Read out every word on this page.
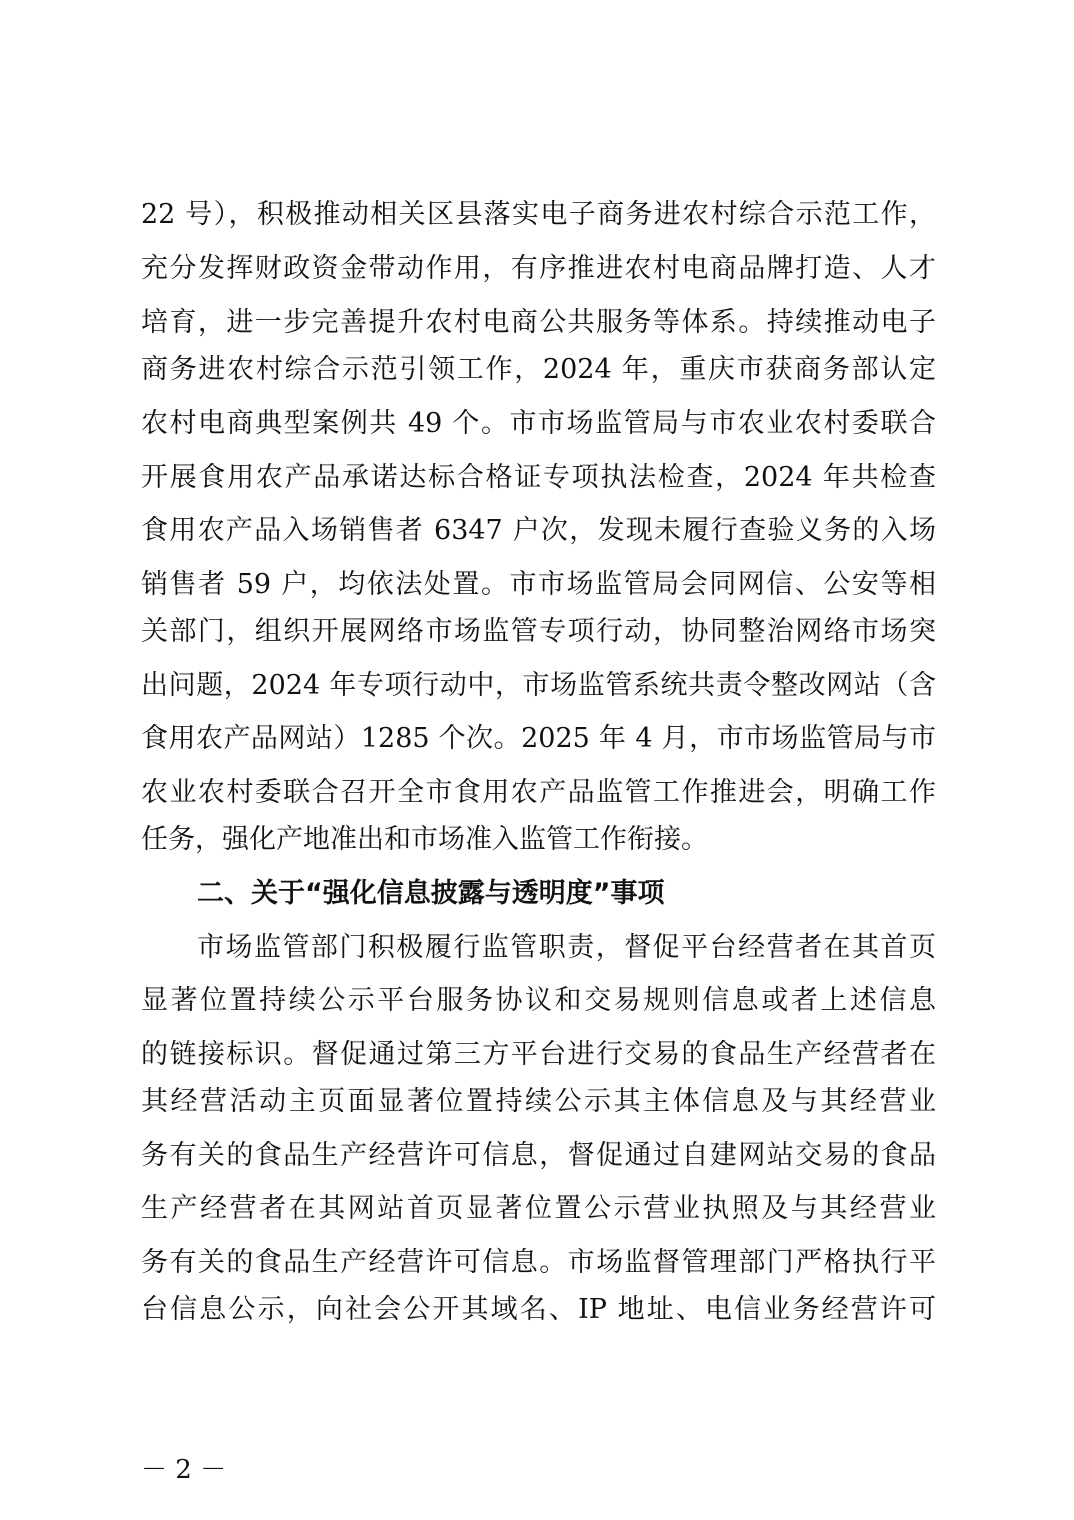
22 号），积极推动相关区县落实电子商务进农村综合示范工作，
充分发挥财政资金带动作用，有序推进农村电商品牌打造、人才
培育，进一步完善提升农村电商公共服务等体系。持续推动电子
商务进农村综合示范引领工作，2024 年，重庆市获商务部认定
农村电商典型案例共 49 个。市市场监管局与市农业农村委联合
开展食用农产品承诺达标合格证专项执法检查，2024 年共检查
食用农产品入场销售者 6347 户次，发现未履行查验义务的入场
销售者 59 户，均依法处置。市市场监管局会同网信、公安等相
关部门，组织开展网络市场监管专项行动，协同整治网络市场突
出问题，2024 年专项行动中，市场监管系统共责令整改网站（含
食用农产品网站）1285 个次。2025 年 4 月，市市场监管局与市
农业农村委联合召开全市食用农产品监管工作推进会，明确工作
任务，强化产地准出和市场准入监管工作衔接。
二、关于“强化信息披露与透明度”事项
市场监管部门积极履行监管职责，督促平台经营者在其首页
显著位置持续公示平台服务协议和交易规则信息或者上述信息
的链接标识。督促通过第三方平台进行交易的食品生产经营者在
其经营活动主页面显著位置持续公示其主体信息及与其经营业
务有关的食品生产经营许可信息，督促通过自建网站交易的食品
生产经营者在其网站首页显著位置公示营业执照及与其经营业
务有关的食品生产经营许可信息。市场监督管理部门严格执行平
台信息公示，向社会公开其域名、IP 地址、电信业务经营许可
－ 2 －
